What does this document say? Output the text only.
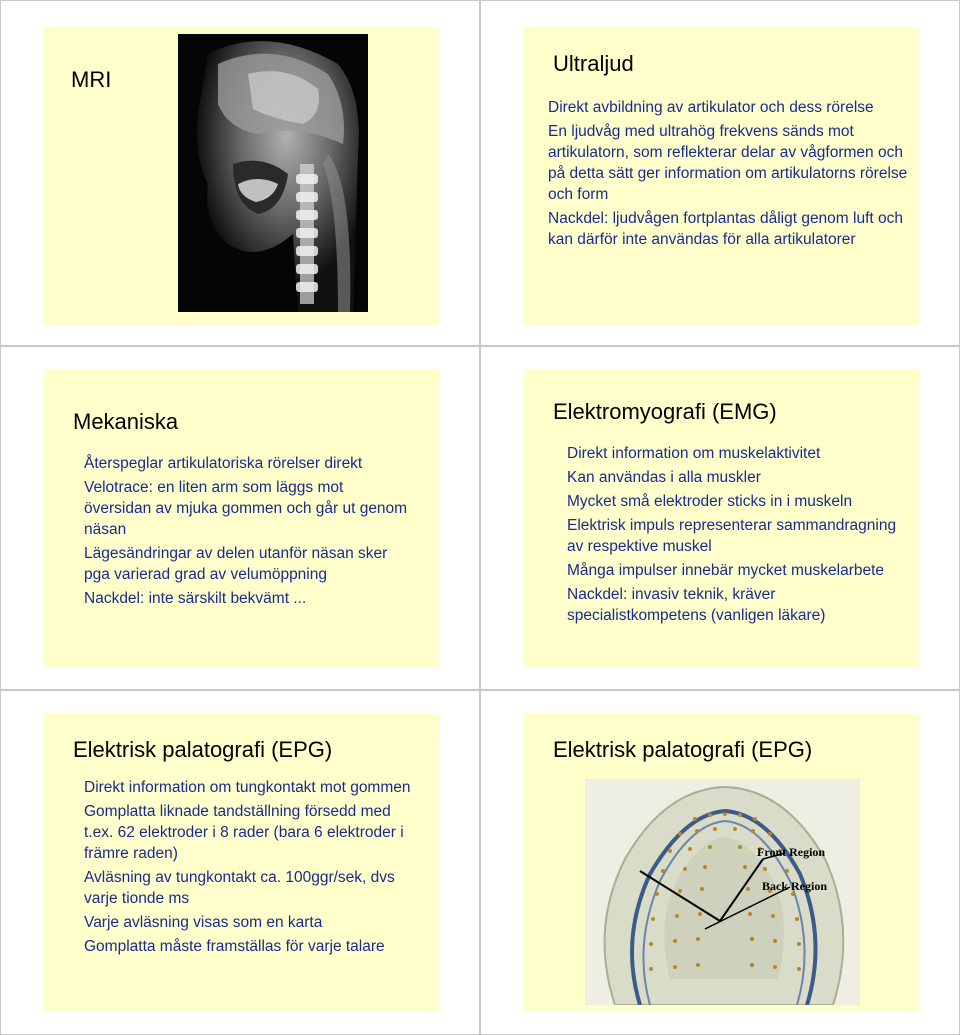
MRI
Ultraljud

Direkt avbildning av artikulator och dess rörelse

En ljudvåg med ultrahög frekvens sänds mot artikulatorn, som reflekterar delar av vågformen och på detta sätt ger information om artikulatorns rörelse och form

Nackdel: ljudvågen fortplantas dåligt genom luft och kan därför inte användas för alla artikulatorer

Mekaniska

Återspeglar artikulatoriska rörelser direkt

Velotrace: en liten arm som läggs mot översidan av mjuka gommen och går ut genom näsan

Lägesändringar av delen utanför näsan sker pga varierad grad av velumöppning

Nackdel: inte särskilt bekvämt ...

Elektromyografi (EMG)

Direkt information om muskelaktivitet

Kan användas i alla muskler

Mycket små elektroder sticks in i muskeln

Elektrisk impuls representerar sammandragning av respektive muskel

Många impulser innebär mycket muskelarbete

Nackdel: invasiv teknik, kräver specialistkompetens (vanligen läkare)

Elektrisk palatografi (EPG)

Direkt information om tungkontakt mot gommen

Gomplatta liknade tandställning försedd med t.ex. 62 elektroder i 8 rader (bara 6 elektroder i främre raden)

Avläsning av tungkontakt ca. 100ggr/sek, dvs varje tionde ms

Varje avläsning visas som en karta

Gomplatta måste framställas för varje talare

Elektrisk palatografi (EPG)
Front Region
Back Region
